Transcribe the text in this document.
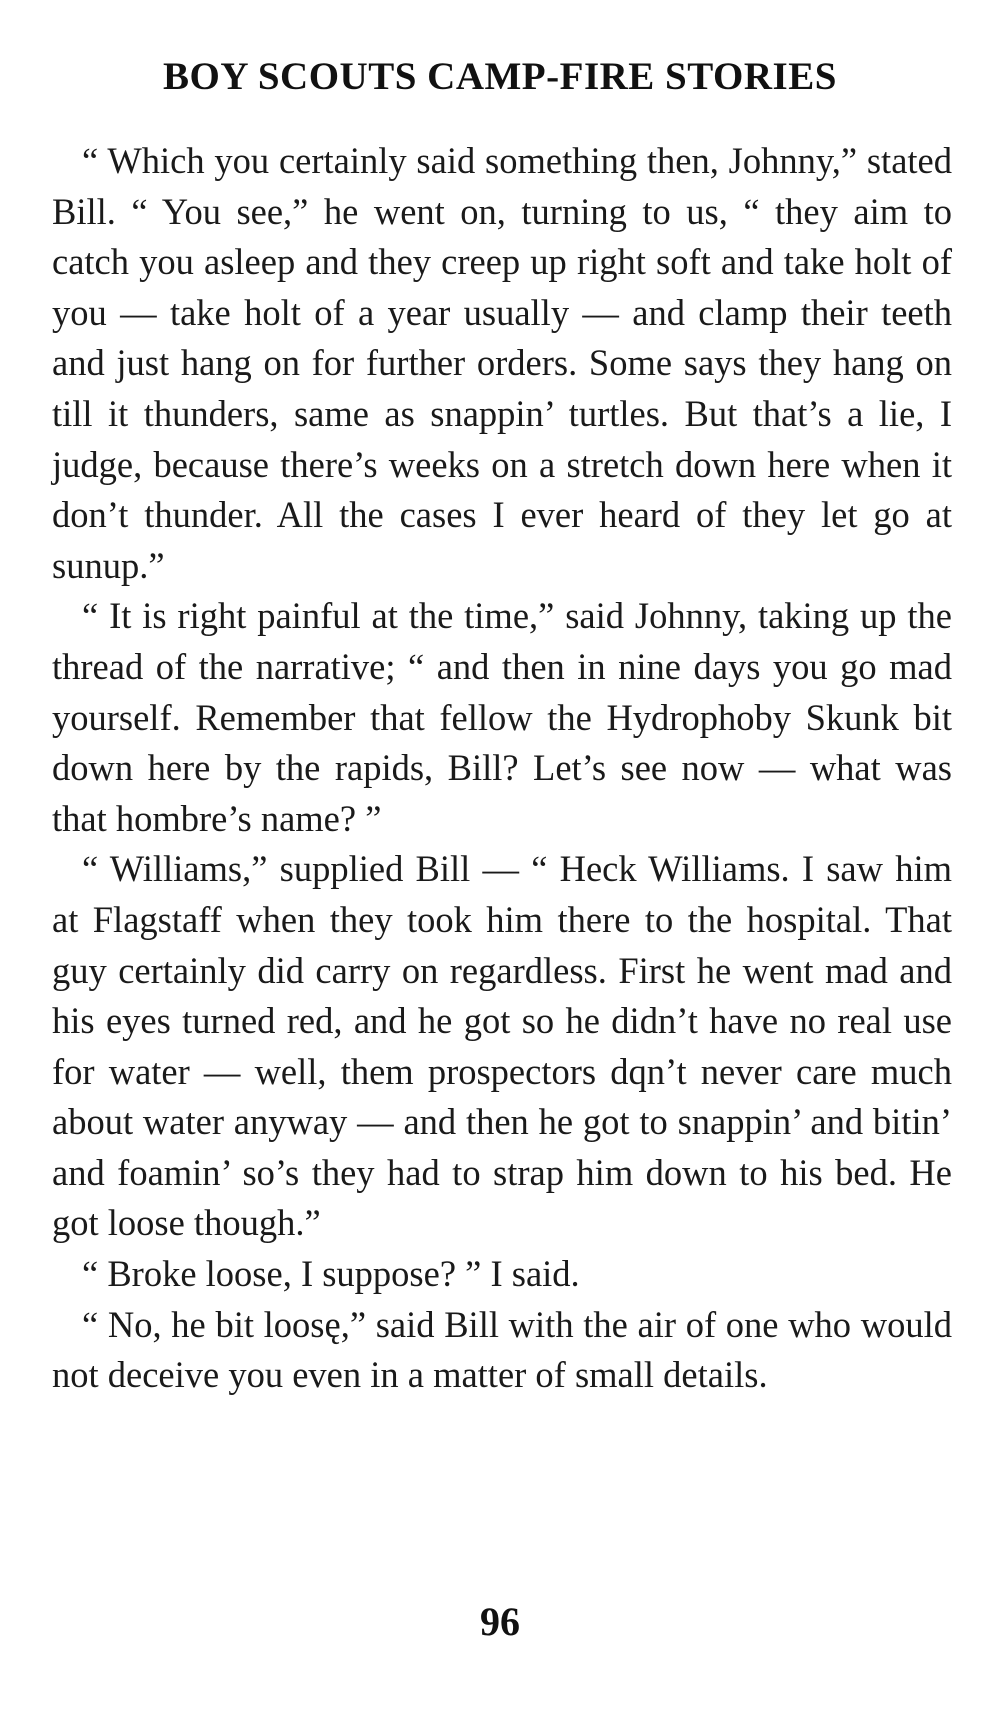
BOY SCOUTS CAMP-FIRE STORIES

“ Which you certainly said something then, Johnny,” stated Bill. “ You see,” he went on, turning to us, “ they aim to catch you asleep and they creep up right soft and take holt of you — take holt of a year usually — and clamp their teeth and just hang on for further orders. Some says they hang on till it thunders, same as snappin’ turtles. But that’s a lie, I judge, because there’s weeks on a stretch down here when it don’t thunder. All the cases I ever heard of they let go at sunup.”

“ It is right painful at the time,” said Johnny, taking up the thread of the narrative; “ and then in nine days you go mad yourself. Remember that fellow the Hydrophoby Skunk bit down here by the rapids, Bill? Let’s see now — what was that hombre’s name? ”

“ Williams,” supplied Bill — “ Heck Williams. I saw him at Flagstaff when they took him there to the hospital. That guy certainly did carry on regardless. First he went mad and his eyes turned red, and he got so he didn’t have no real use for water — well, them prospectors dqn’t never care much about water anyway — and then he got to snappin’ and bitin’ and foamin’ so’s they had to strap him down to his bed. He got loose though.”

“ Broke loose, I suppose? ” I said.

“ No, he bit loosę,” said Bill with the air of one who would not deceive you even in a matter of small details.

96
